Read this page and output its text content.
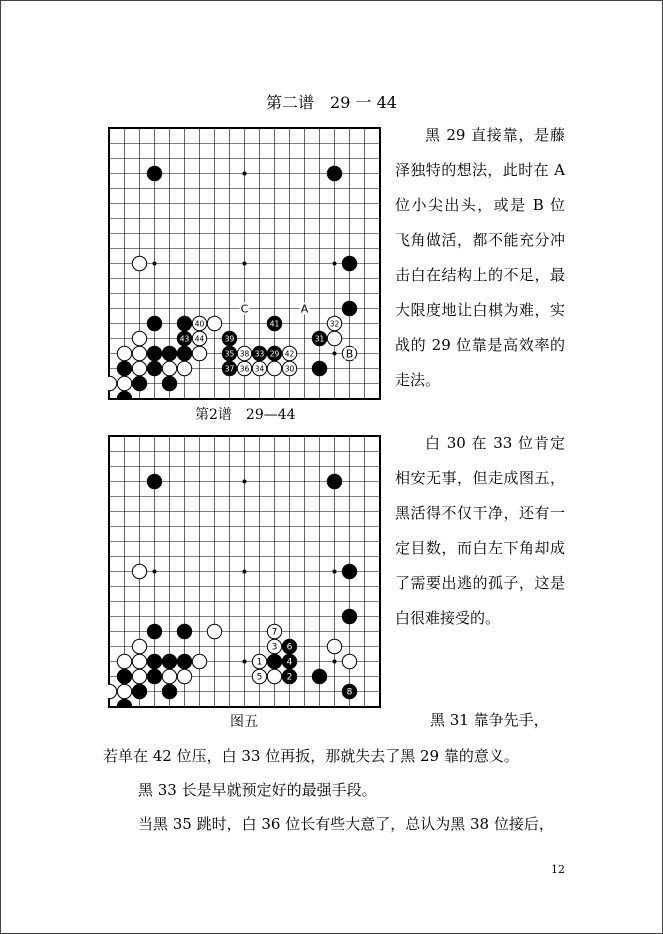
第二谱　29 一 44
40	41	32
43 44	39	31
35 38 33 29 42
37 36 34	30
C	A
B
第2谱　29—44

黑 29 直接靠，是藤泽独特的想法，此时在 A 位小尖出头，或是 B 位飞角做活，都不能充分冲击白在结构上的不足，最大限度地让白棋为难，实战的 29 位靠是高效率的走法。

7
3 6
1	4
5	2
8
图五

白 30 在 33 位肯定相安无事，但走成图五，黑活得不仅干净，还有一定目数，而白左下角却成了需要出逃的孤子，这是白很难接受的。

黑 31 靠争先手，
若单在 42 位压，白 33 位再扳，那就失去了黑 29 靠的意义。
黑 33 长是早就预定好的最强手段。
当黑 35 跳时，白 36 位长有些大意了，总认为黑 38 位接后，
12
